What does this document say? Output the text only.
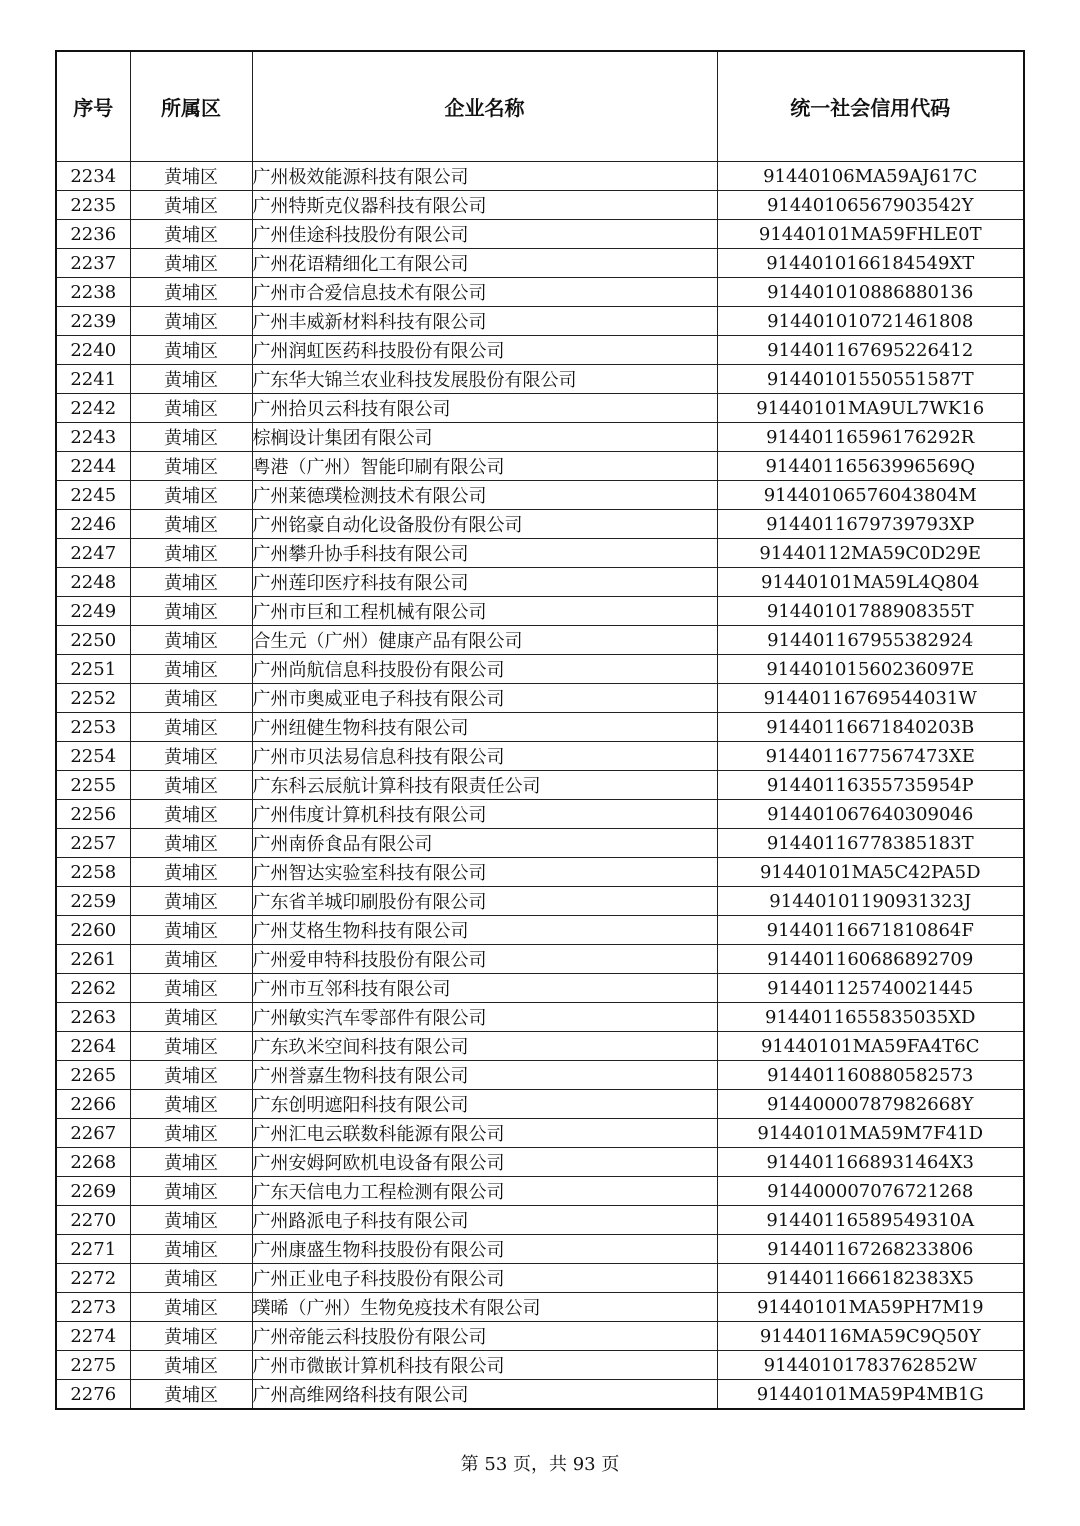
序号	所属区	企业名称	统一社会信用代码
2234	黄埔区	广州极效能源科技有限公司	91440106MA59AJ617C
2235	黄埔区	广州特斯克仪器科技有限公司	91440106567903542Y
2236	黄埔区	广州佳途科技股份有限公司	91440101MA59FHLE0T
2237	黄埔区	广州花语精细化工有限公司	9144010166184549XT
2238	黄埔区	广州市合爱信息技术有限公司	914401010886880136
2239	黄埔区	广州丰威新材料科技有限公司	914401010721461808
2240	黄埔区	广州润虹医药科技股份有限公司	914401167695226412
2241	黄埔区	广东华大锦兰农业科技发展股份有限公司	91440101550551587T
2242	黄埔区	广州拾贝云科技有限公司	91440101MA9UL7WK16
2243	黄埔区	棕榈设计集团有限公司	91440116596176292R
2244	黄埔区	粤港（广州）智能印刷有限公司	91440116563996569Q
2245	黄埔区	广州莱德璞检测技术有限公司	91440106576043804M
2246	黄埔区	广州铭豪自动化设备股份有限公司	9144011679739793XP
2247	黄埔区	广州攀升协手科技有限公司	91440112MA59C0D29E
2248	黄埔区	广州莲印医疗科技有限公司	91440101MA59L4Q804
2249	黄埔区	广州市巨和工程机械有限公司	91440101788908355T
2250	黄埔区	合生元（广州）健康产品有限公司	914401167955382924
2251	黄埔区	广州尚航信息科技股份有限公司	91440101560236097E
2252	黄埔区	广州市奥威亚电子科技有限公司	91440116769544031W
2253	黄埔区	广州纽健生物科技有限公司	91440116671840203B
2254	黄埔区	广州市贝法易信息科技有限公司	9144011677567473XE
2255	黄埔区	广东科云辰航计算科技有限责任公司	91440116355735954P
2256	黄埔区	广州伟度计算机科技有限公司	914401067640309046
2257	黄埔区	广州南侨食品有限公司	91440116778385183T
2258	黄埔区	广州智达实验室科技有限公司	91440101MA5C42PA5D
2259	黄埔区	广东省羊城印刷股份有限公司	91440101190931323J
2260	黄埔区	广州艾格生物科技有限公司	91440116671810864F
2261	黄埔区	广州爱申特科技股份有限公司	914401160686892709
2262	黄埔区	广州市互邻科技有限公司	914401125740021445
2263	黄埔区	广州敏实汽车零部件有限公司	9144011655835035XD
2264	黄埔区	广东玖米空间科技有限公司	91440101MA59FA4T6C
2265	黄埔区	广州誉嘉生物科技有限公司	914401160880582573
2266	黄埔区	广东创明遮阳科技有限公司	91440000787982668Y
2267	黄埔区	广州汇电云联数科能源有限公司	91440101MA59M7F41D
2268	黄埔区	广州安姆阿欧机电设备有限公司	9144011668931464X3
2269	黄埔区	广东天信电力工程检测有限公司	914400007076721268
2270	黄埔区	广州路派电子科技有限公司	91440116589549310A
2271	黄埔区	广州康盛生物科技股份有限公司	914401167268233806
2272	黄埔区	广州正业电子科技股份有限公司	9144011666182383X5
2273	黄埔区	璞晞（广州）生物免疫技术有限公司	91440101MA59PH7M19
2274	黄埔区	广州帝能云科技股份有限公司	91440116MA59C9Q50Y
2275	黄埔区	广州市微嵌计算机科技有限公司	91440101783762852W
2276	黄埔区	广州高维网络科技有限公司	91440101MA59P4MB1G
第 53 页，共 93 页
